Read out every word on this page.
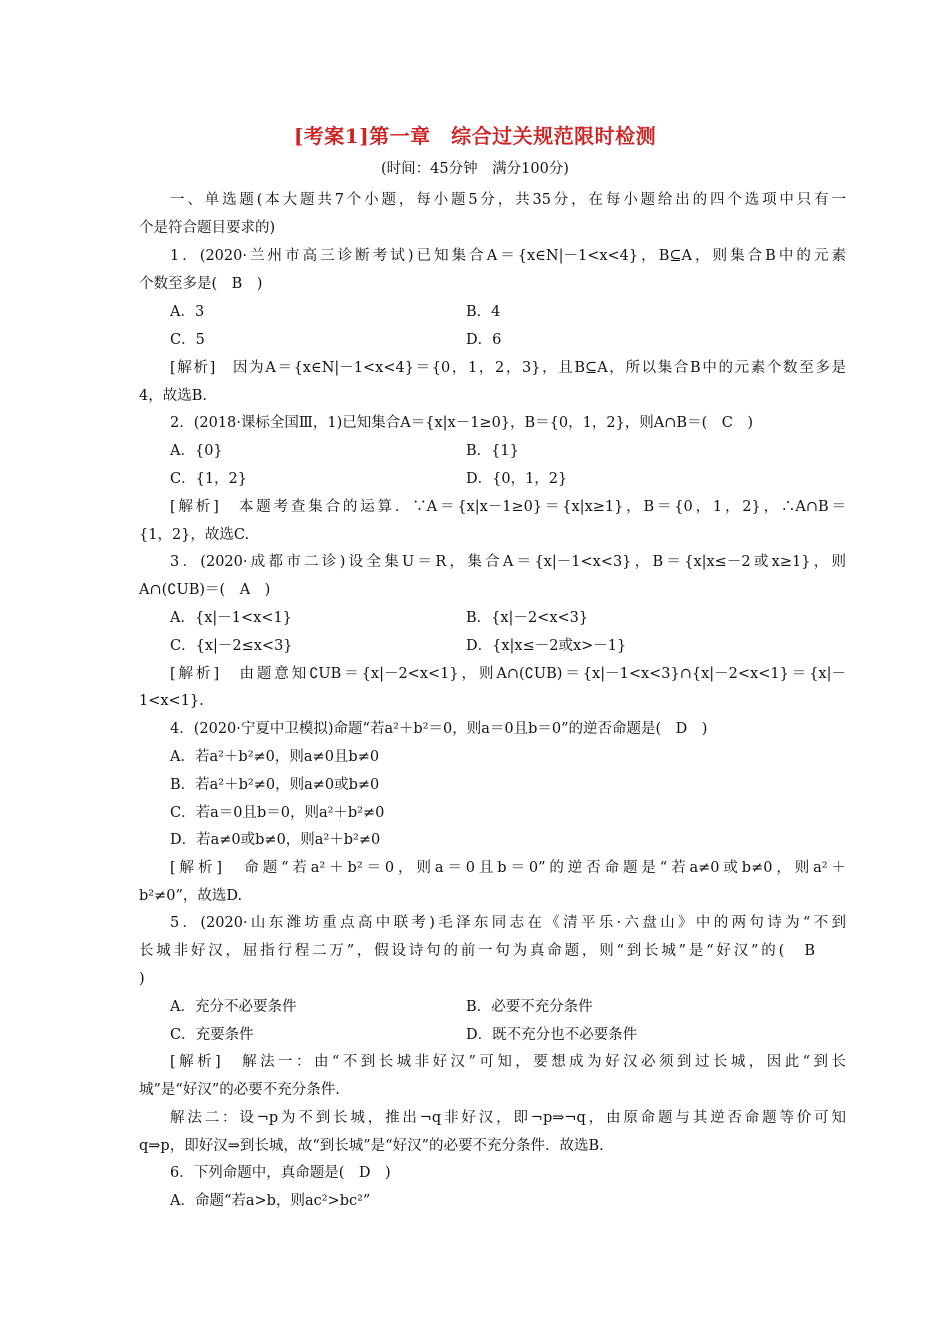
[考案1]第一章　综合过关规范限时检测
(时间：45分钟　满分100分)
一、单选题(本大题共7个小题，每小题5分，共35分，在每小题给出的四个选项中只有一
个是符合题目要求的)
1．(2020·兰州市高三诊断考试)已知集合A＝{x∈N|－1<x<4}，B⊆A，则集合B中的元素
个数至多是(　B　)
A．3	B．4
C．5	D．6
[解析]　因为A＝{x∈N|－1<x<4}＝{0，1，2，3}，且B⊆A，所以集合B中的元素个数至多是
4，故选B.
2．(2018·课标全国Ⅲ，1)已知集合A＝{x|x－1≥0}，B＝{0，1，2}，则A∩B＝(　C　)
A．{0}	B．{1}
C．{1，2}	D．{0，1，2}
[解析]　本题考查集合的运算．∵A＝{x|x－1≥0}＝{x|x≥1}，B＝{0，1，2}，∴A∩B＝
{1，2}，故选C.
3．(2020·成都市二诊)设全集U＝R，集合A＝{x|－1<x<3}，B＝{x|x≤－2或x≥1}，则
A∩(∁UB)＝(　A　)
A．{x|－1<x<1}	B．{x|－2<x<3}
C．{x|－2≤x<3}	D．{x|x≤－2或x>－1}
[解析]　由题意知∁UB＝{x|－2<x<1}，则A∩(∁UB)＝{x|－1<x<3}∩{x|－2<x<1}＝{x|－
1<x<1}.
4．(2020·宁夏中卫模拟)命题“若a²＋b²＝0，则a＝0且b＝0”的逆否命题是(　D　)
A．若a²＋b²≠0，则a≠0且b≠0
B．若a²＋b²≠0，则a≠0或b≠0
C．若a＝0且b＝0，则a²＋b²≠0
D．若a≠0或b≠0，则a²＋b²≠0
[解析]　命题“若a²＋b²＝0，则a＝0且b＝0”的逆否命题是“若a≠0或b≠0，则a²＋
b²≠0”，故选D.
5．(2020·山东潍坊重点高中联考)毛泽东同志在《清平乐·六盘山》中的两句诗为“不到
长城非好汉，屈指行程二万”，假设诗句的前一句为真命题，则“到长城”是“好汉”的(　B
)
A．充分不必要条件	B．必要不充分条件
C．充要条件	D．既不充分也不必要条件
[解析]　解法一：由“不到长城非好汉”可知，要想成为好汉必须到过长城，因此“到长
城”是“好汉”的必要不充分条件.
解法二：设¬p为不到长城，推出¬q非好汉，即¬p⇒¬q，由原命题与其逆否命题等价可知
q⇒p，即好汉⇒到长城，故“到长城”是“好汉”的必要不充分条件．故选B.
6．下列命题中，真命题是(　D　)
A．命题“若a>b，则ac²>bc²”
